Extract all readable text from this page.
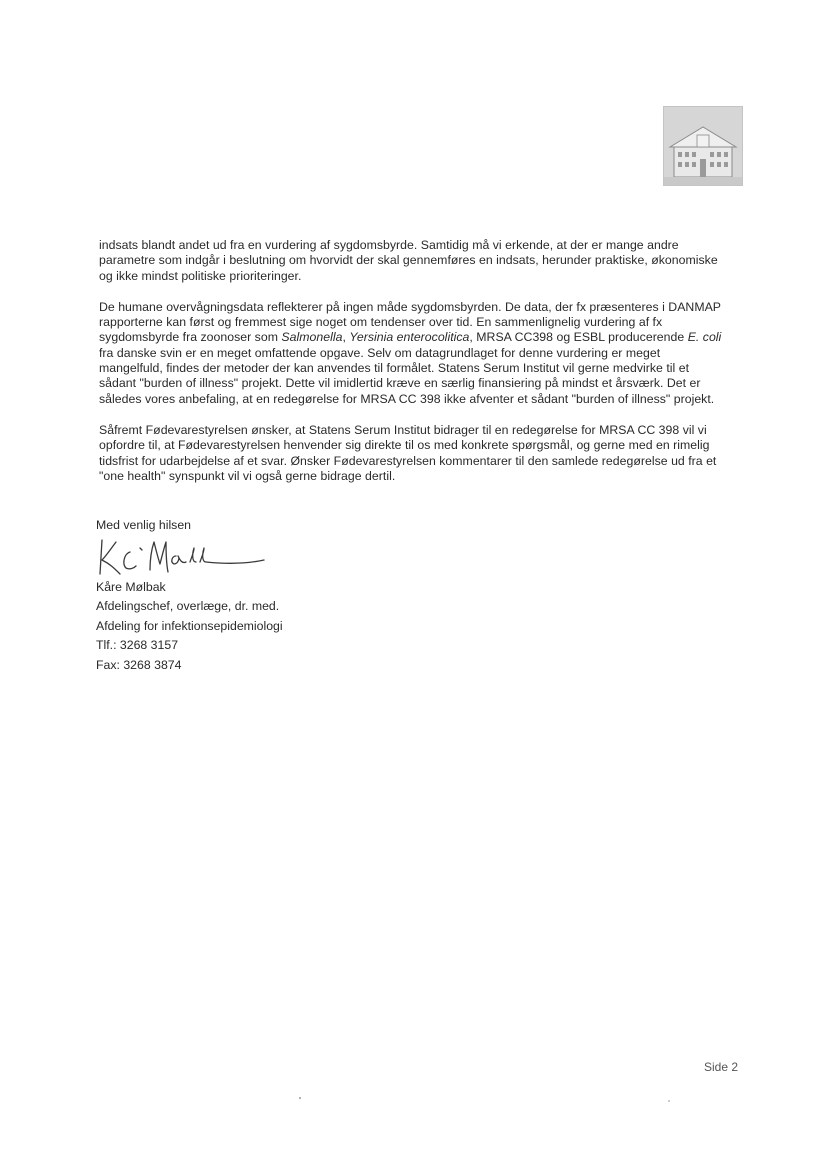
indsats blandt andet ud fra en vurdering af sygdomsbyrde. Samtidig må vi erkende, at der er mange andre parametre som indgår i beslutning om hvorvidt der skal gennemføres en indsats, herunder praktiske, økonomiske og ikke mindst politiske prioriteringer.

De humane overvågningsdata reflekterer på ingen måde sygdomsbyrden. De data, der fx præsenteres i DANMAP rapporterne kan først og fremmest sige noget om tendenser over tid. En sammenlignelig vurdering af fx sygdomsbyrde fra zoonoser som Salmonella, Yersinia enterocolitica, MRSA CC398 og ESBL producerende E. coli fra danske svin er en meget omfattende opgave. Selv om datagrundlaget for denne vurdering er meget mangelfuld, findes der metoder der kan anvendes til formålet. Statens Serum Institut vil gerne medvirke til et sådant "burden of illness" projekt. Dette vil imidlertid kræve en særlig finansiering på mindst et årsværk. Det er således vores anbefaling, at en redegørelse for MRSA CC 398 ikke afventer et sådant "burden of illness" projekt.

Såfremt Fødevarestyrelsen ønsker, at Statens Serum Institut bidrager til en redegørelse for MRSA CC 398 vil vi opfordre til, at Fødevarestyrelsen henvender sig direkte til os med konkrete spørgsmål, og gerne med en rimelig tidsfrist for udarbejdelse af et svar. Ønsker Fødevarestyrelsen kommentarer til den samlede redegørelse ud fra et "one health" synspunkt vil vi også gerne bidrage dertil.

Med venlig hilsen
Kåre Mølbak
Afdelingschef, overlæge, dr. med.
Afdeling for infektionsepidemiologi
Tlf.: 3268 3157
Fax: 3268 3874
Side 2
